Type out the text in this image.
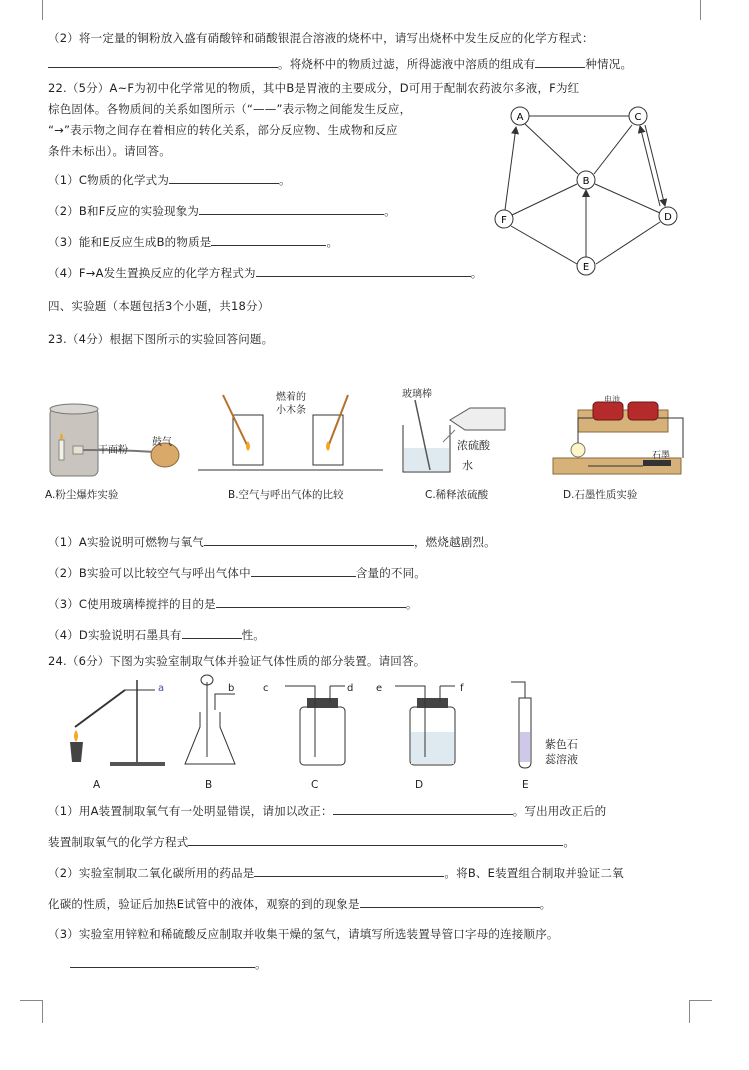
（2）将一定量的铜粉放入盛有硝酸锌和硝酸银混合溶液的烧杯中，请写出烧杯中发生反应的化学方程式：
。将烧杯中的物质过滤，所得滤液中溶质的组成有	种情况。
22.（5分）A~F为初中化学常见的物质，其中B是胃液的主要成分，D可用于配制农药波尔多液，F为红
棕色固体。各物质间的关系如图所示（“——”表示物之间能发生反应，
“→”表示物之间存在着相应的转化关系，部分反应物、生成物和反应
条件未标出）。请回答。
（1）C物质的化学式为	。
（2）B和F反应的实验现象为	。
（3）能和E反应生成B的物质是	。
（4）F→A发生置换反应的化学方程式为	。
A	C
B
F	D
E
四、实验题（本题包括3个小题，共18分）
23.（4分）根据下图所示的实验回答问题。
干面粉
鼓气
燃着的
小木条
玻璃棒
浓硫酸
水
电池
石墨
A.粉尘爆炸实验	B.空气与呼出气体的比较	C.稀释浓硫酸	D.石墨性质实验
（1）A实验说明可燃物与氧气	，燃烧越剧烈。
（2）B实验可以比较空气与呼出气体中	含量的不同。
（3）C使用玻璃棒搅拌的目的是	。
（4）D实验说明石墨具有	性。
24.（6分）下图为实验室制取气体并验证气体性质的部分装置。请回答。
a	b	c	d e	f
紫色石
蕊溶液
A	B	C	D	E
（1）用A装置制取氧气有一处明显错误，请加以改正：	。写出用改正后的
装置制取氧气的化学方程式	。
（2）实验室制取二氧化碳所用的药品是	。将B、E装置组合制取并验证二氧
化碳的性质，验证后加热E试管中的液体，观察的到的现象是	。
（3）实验室用锌粒和稀硫酸反应制取并收集干燥的氢气，请填写所选装置导管口字母的连接顺序。
。
